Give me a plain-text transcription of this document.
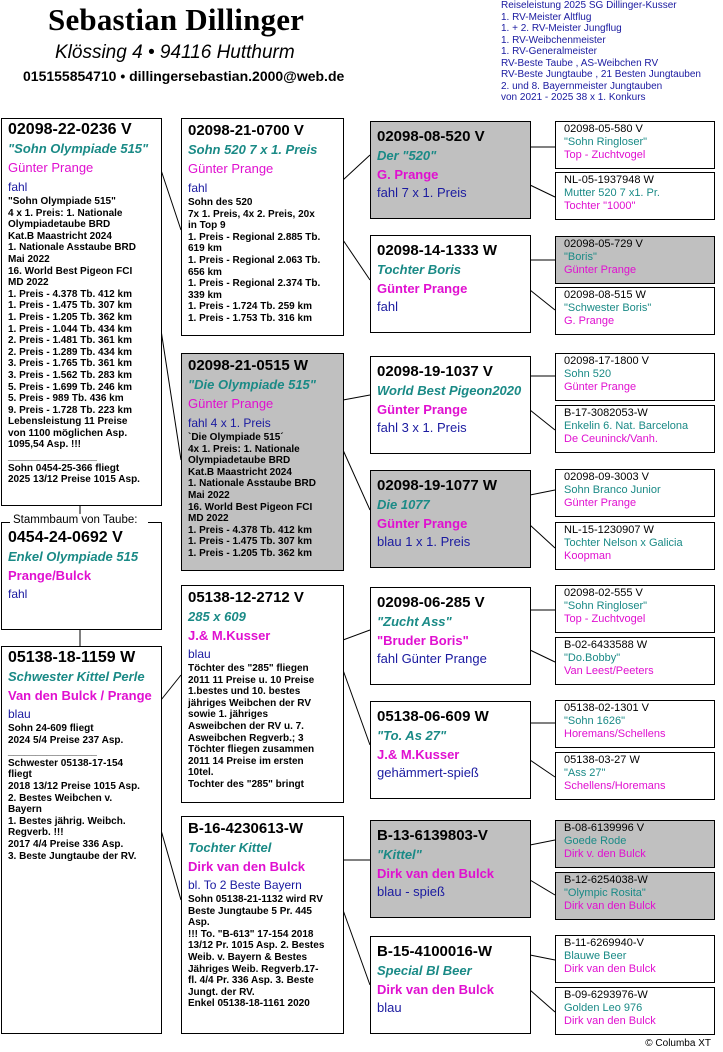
Sebastian Dillinger
Klössing 4 • 94116 Hutthurm
015155854710 • dillingersebastian.2000@web.de
Reiseleistung 2025 SG Dillinger-Kusser
1. RV-Meister Altflug
1. + 2. RV-Meister Jungflug
1. RV-Weibchenmeister
1. RV-Generalmeister
RV-Beste Taube , AS-Weibchen RV
RV-Beste Jungtaube , 21 Besten Jungtauben
2. und 8. Bayernmeister Jungtauben
von 2021 - 2025 38 x 1. Konkurs
02098-22-0236 V
"Sohn Olympiade 515"
Günter Prange
fahl
"Sohn Olympiade 515"
4 x 1. Preis: 1. Nationale
Olympiadetaube BRD
Kat.B Maastricht 2024
1. Nationale Asstaube BRD
Mai 2022
16. World Best Pigeon FCI
MD 2022
1. Preis - 4.378 Tb. 412 km
1. Preis - 1.475 Tb. 307 km
1. Preis - 1.205 Tb. 362 km
1. Preis - 1.044 Tb. 434 km
2. Preis - 1.481 Tb. 361 km
2. Preis - 1.289 Tb. 434 km
3. Preis - 1.765 Tb. 361 km
3. Preis - 1.562 Tb. 283 km
5. Preis - 1.699 Tb. 246 km
5. Preis - 989 Tb. 436 km
9. Preis - 1.728 Tb. 223 km
Lebensleistung 11 Preise
von 1100 möglichen Asp.
1095,54 Asp. !!!
________________
Sohn 0454-25-366 fliegt
2025 13/12 Preise 1015 Asp.
0454-24-0692 V
Enkel Olympiade 515
Prange/Bulck
fahl
Stammbaum von Taube:
05138-18-1159 W
Schwester Kittel Perle
Van den Bulck / Prange
blau
Sohn 24-609 fliegt
2024 5/4 Preise 237 Asp.
________________
Schwester 05138-17-154
fliegt
2018 13/12 Preise 1015 Asp.
2. Bestes Weibchen v.
Bayern
1. Bestes jährig. Weibch.
Regverb. !!!
2017 4/4 Preise 336 Asp.
3. Beste Jungtaube der RV.
02098-21-0700 V
Sohn 520 7 x 1. Preis
Günter Prange
fahl
Sohn des 520
7x 1. Preis, 4x 2. Preis, 20x
in Top 9
1. Preis - Regional 2.885 Tb.
619 km
1. Preis - Regional 2.063 Tb.
656 km
1. Preis - Regional 2.374 Tb.
339 km
1. Preis - 1.724 Tb. 259 km
1. Preis - 1.753 Tb. 316 km
02098-21-0515 W
"Die Olympiade 515"
Günter Prange
fahl 4 x 1. Preis
`Die Olympiade 515´
4x 1. Preis: 1. Nationale
Olympiadetaube BRD
Kat.B Maastricht 2024
1. Nationale Asstaube BRD
Mai 2022
16. World Best Pigeon FCI
MD 2022
1. Preis - 4.378 Tb. 412 km
1. Preis - 1.475 Tb. 307 km
1. Preis - 1.205 Tb. 362 km
05138-12-2712 V
285 x 609
J.& M.Kusser
blau
Töchter des "285" fliegen
2011 11 Preise u. 10 Preise
1.bestes und 10. bestes
jähriges Weibchen der RV
sowie 1. jähriges
Asweibchen der RV u. 7.
Asweibchen Regverb.; 3
Töchter fliegen zusammen
2011 14 Preise im ersten
10tel.
Tochter des "285" bringt
B-16-4230613-W
Tochter Kittel
Dirk van den Bulck
bl. To 2 Beste Bayern
Sohn 05138-21-1132 wird RV
Beste Jungtaube 5 Pr. 445
Asp.
!!! To. "B-613" 17-154 2018
13/12 Pr. 1015 Asp. 2. Bestes
Weib. v. Bayern & Bestes
Jähriges Weib. Regverb.17-
fl. 4/4 Pr. 336 Asp. 3. Beste
Jungt. der RV.
Enkel 05138-18-1161 2020
02098-08-520 V
Der "520"
G. Prange
fahl 7 x 1. Preis
02098-14-1333 W
Tochter Boris
Günter Prange
fahl
02098-19-1037 V
World Best Pigeon2020
Günter Prange
fahl 3 x 1. Preis
02098-19-1077 W
Die 1077
Günter Prange
blau 1 x 1. Preis
02098-06-285 V
"Zucht Ass"
"Bruder Boris"
fahl Günter Prange
05138-06-609 W
"To. As 27"
J.& M.Kusser
gehämmert-spieß
B-13-6139803-V
"Kittel"
Dirk van den Bulck
blau - spieß
B-15-4100016-W
Special Bl Beer
Dirk van den Bulck
blau
02098-05-580 V
"Sohn Ringloser"
Top - Zuchtvogel
NL-05-1937948 W
Mutter 520 7 x1. Pr.
Tochter "1000"
02098-05-729 V
"Boris"
Günter Prange
02098-08-515 W
"Schwester Boris"
G. Prange
02098-17-1800 V
Sohn 520
Günter Prange
B-17-3082053-W
Enkelin 6. Nat. Barcelona
De Ceuninck/Vanh.
02098-09-3003 V
Sohn Branco Junior
Günter Prange
NL-15-1230907 W
Tochter Nelson x Galicia
Koopman
02098-02-555 V
"Sohn Ringloser"
Top - Zuchtvogel
B-02-6433588 W
"Do.Bobby"
Van Leest/Peeters
05138-02-1301 V
"Sohn 1626"
Horemans/Schellens
05138-03-27 W
"Ass 27"
Schellens/Horemans
B-08-6139996 V
Goede Rode
Dirk v. den Bulck
B-12-6254038-W
"Olympic Rosita"
Dirk van den Bulck
B-11-6269940-V
Blauwe Beer
Dirk van den Bulck
B-09-6293976-W
Golden Leo 976
Dirk van den Bulck
© Columba XT
